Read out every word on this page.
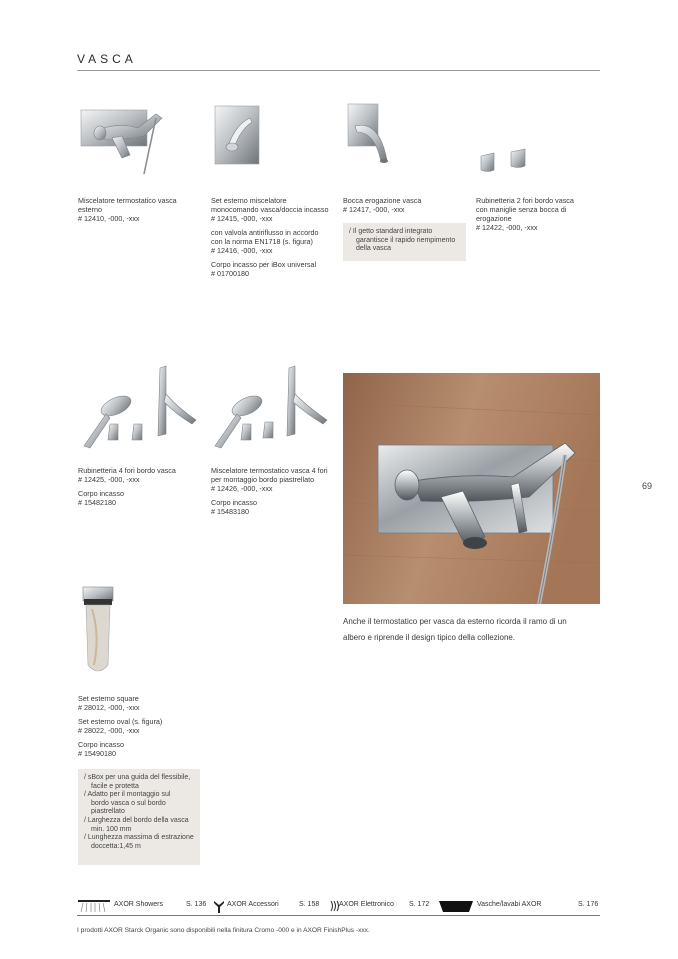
VASCA

Miscelatore termostatico vasca
esterno
# 12410, -000, -xxx

Set esterno miscelatore
monocomando vasca/doccia incasso
# 12415, -000, -xxx

con valvola antiriflusso in accordo
con la norma EN1718 (s. figura)
# 12416, -000, -xxx

Corpo incasso per iBox universal
# 01700180

Bocca erogazione vasca
# 12417, -000, -xxx

/ Il getto standard integrato
garantisce il rapido riempimento
della vasca

Rubinetteria 2 fori bordo vasca
con maniglie senza bocca di
erogazione
# 12422, -000, -xxx

Rubinetteria 4 fori bordo vasca
# 12425, -000, -xxx

Corpo incasso
# 15482180

Miscelatore termostatico vasca 4 fori
per montaggio bordo piastrellato
# 12426, -000, -xxx

Corpo incasso
# 15483180

Anche il termostatico per vasca da esterno ricorda il ramo di un
albero e riprende il design tipico della collezione.
69

Set esterno square
# 28012, -000, -xxx

Set esterno oval (s. figura)
# 28022, -000, -xxx

Corpo incasso
# 15490180

/ sBox per una guida del flessibile,
facile e protetta
/ Adatto per il montaggio sul
bordo vasca o sul bordo
piastrellato
/ Larghezza del bordo della vasca
min. 100 mm
/ Lunghezza massima di estrazione
doccetta:1,45 m
AXOR Showers	S. 136	AXOR Accessori	S. 158	AXOR Elettronico S. 172	Vasche/lavabi AXOR	S. 176
I prodotti AXOR Starck Organic sono disponibili nella finitura Cromo -000 e in AXOR FinishPlus -xxx.
